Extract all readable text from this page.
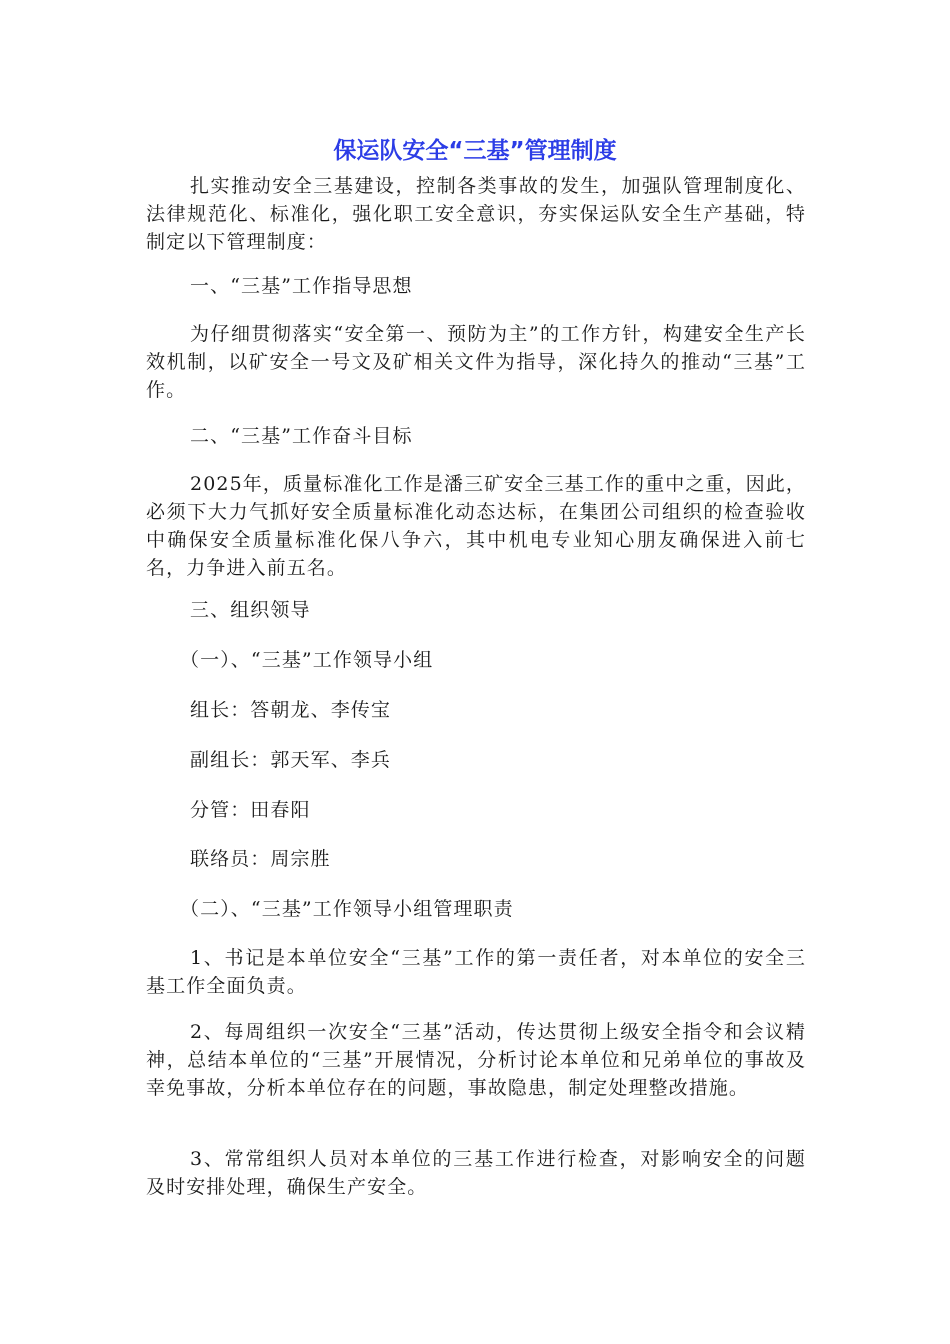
保运队安全“三基”管理制度

扎实推动安全三基建设，控制各类事故的发生，加强队管理制度化、法律规范化、标准化，强化职工安全意识，夯实保运队安全生产基础，特制定以下管理制度：

一、“三基”工作指导思想

为仔细贯彻落实“安全第一、预防为主”的工作方针，构建安全生产长效机制，以矿安全一号文及矿相关文件为指导，深化持久的推动“三基”工作。

二、“三基”工作奋斗目标

2025年，质量标准化工作是潘三矿安全三基工作的重中之重，因此，必须下大力气抓好安全质量标准化动态达标，在集团公司组织的检查验收中确保安全质量标准化保八争六，其中机电专业知心朋友确保进入前七名，力争进入前五名。

三、组织领导

（一）、“三基”工作领导小组

组长：答朝龙、李传宝

副组长：郭天军、李兵

分管：田春阳

联络员：周宗胜

（二）、“三基”工作领导小组管理职责

1、书记是本单位安全“三基”工作的第一责任者，对本单位的安全三基工作全面负责。

2、每周组织一次安全“三基”活动，传达贯彻上级安全指令和会议精神，总结本单位的“三基”开展情况，分析讨论本单位和兄弟单位的事故及幸免事故，分析本单位存在的问题，事故隐患，制定处理整改措施。

3、常常组织人员对本单位的三基工作进行检查，对影响安全的问题及时安排处理，确保生产安全。
